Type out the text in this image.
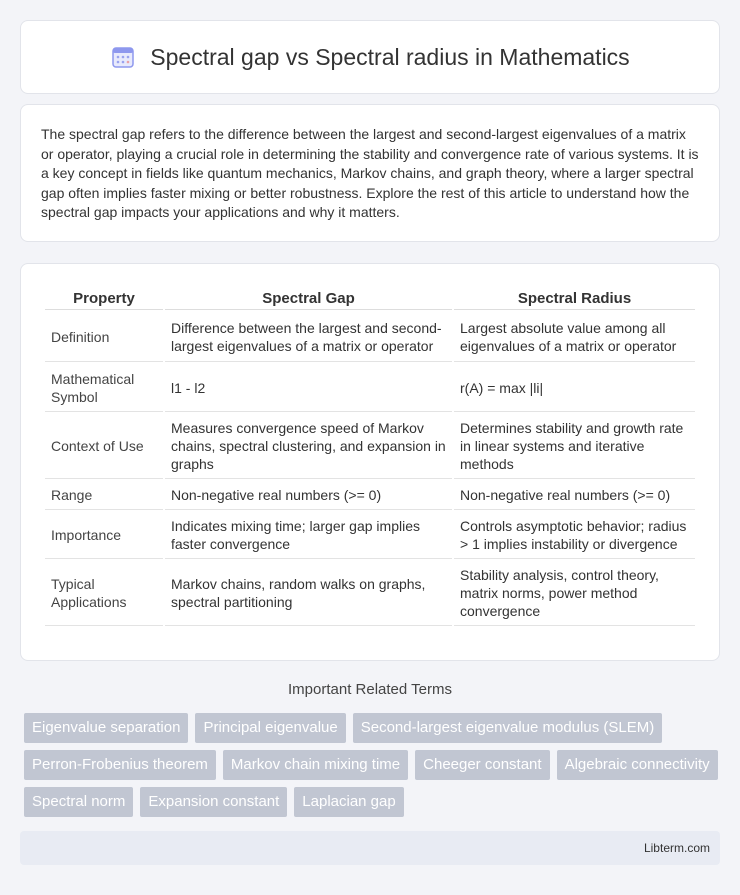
Spectral gap vs Spectral radius in Mathematics

The spectral gap refers to the difference between the largest and second-largest eigenvalues of a matrix or operator, playing a crucial role in determining the stability and convergence rate of various systems. It is a key concept in fields like quantum mechanics, Markov chains, and graph theory, where a larger spectral gap often implies faster mixing or better robustness. Explore the rest of this article to understand how the spectral gap impacts your applications and why it matters.

Property	Spectral Gap	Spectral Radius
Definition	Difference between the largest and second-largest eigenvalues of a matrix or operator	Largest absolute value among all eigenvalues of a matrix or operator
Mathematical Symbol	l1 - l2	r(A) = max |li|
Context of Use	Measures convergence speed of Markov chains, spectral clustering, and expansion in graphs	Determines stability and growth rate in linear systems and iterative methods
Range	Non-negative real numbers (>= 0)	Non-negative real numbers (>= 0)
Importance	Indicates mixing time; larger gap implies faster convergence	Controls asymptotic behavior; radius > 1 implies instability or divergence
Typical Applications	Markov chains, random walks on graphs, spectral partitioning	Stability analysis, control theory, matrix norms, power method convergence
Important Related Terms
Eigenvalue separation	Principal eigenvalue	Second-largest eigenvalue modulus (SLEM)
Perron-Frobenius theorem	Markov chain mixing time	Cheeger constant	Algebraic connectivity
Spectral norm	Expansion constant	Laplacian gap
Libterm.com
